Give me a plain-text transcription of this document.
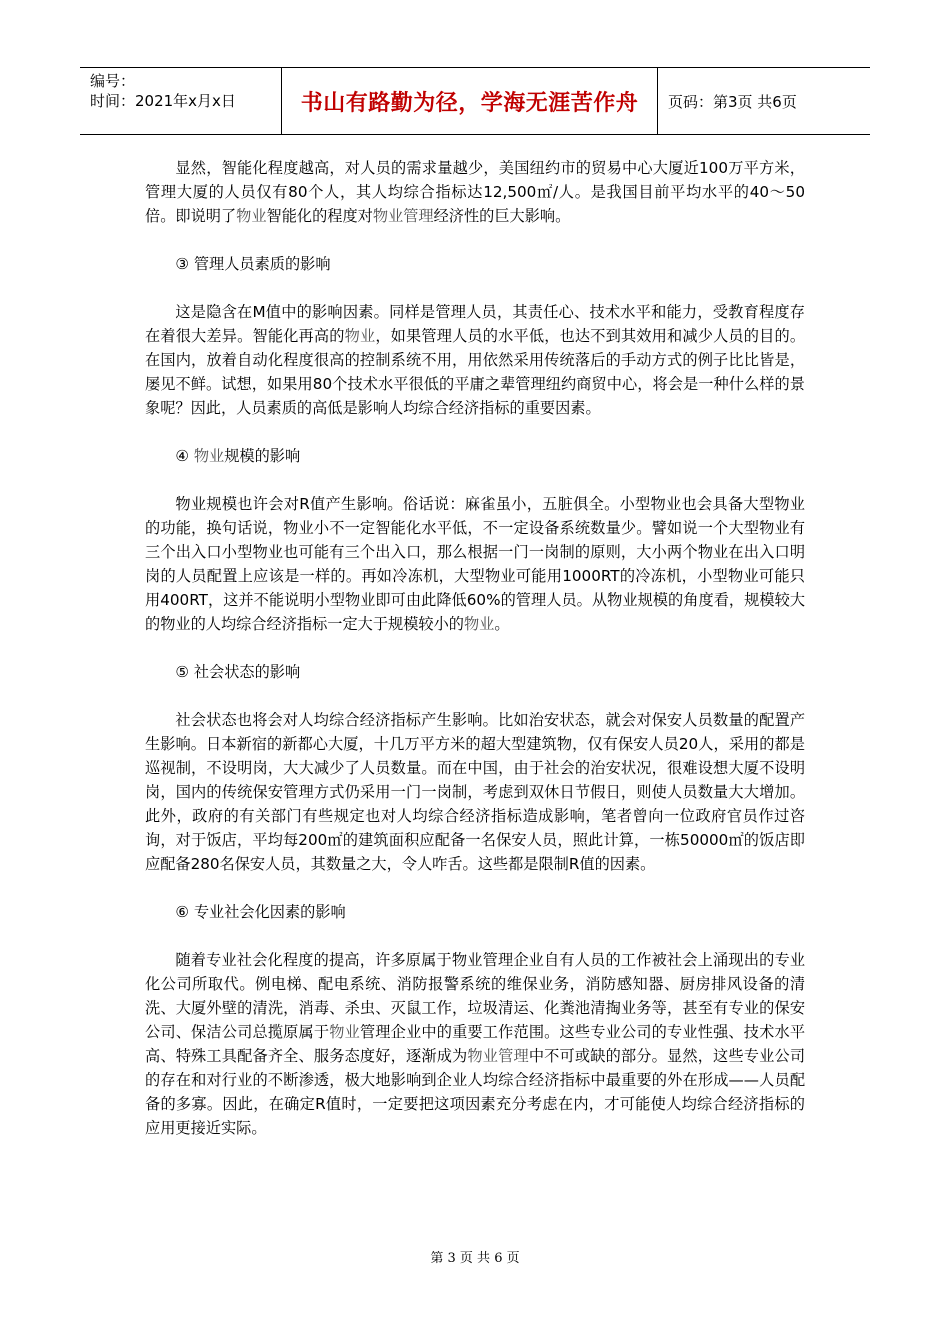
编号：
时间：2021年x月x日	书山有路勤为径，学海无涯苦作舟	页码：第3页 共6页

显然，智能化程度越高，对人员的需求量越少，美国纽约市的贸易中心大厦近100万平方米，管理大厦的人员仅有80个人，其人均综合指标达12,500㎡/人。是我国目前平均水平的40～50倍。即说明了物业智能化的程度对物业管理经济性的巨大影响。

③ 管理人员素质的影响

这是隐含在M值中的影响因素。同样是管理人员，其责任心、技术水平和能力，受教育程度存在着很大差异。智能化再高的物业，如果管理人员的水平低，也达不到其效用和减少人员的目的。在国内，放着自动化程度很高的控制系统不用，用依然采用传统落后的手动方式的例子比比皆是，屡见不鲜。试想，如果用80个技术水平很低的平庸之辈管理纽约商贸中心，将会是一种什么样的景象呢？因此，人员素质的高低是影响人均综合经济指标的重要因素。

④ 物业规模的影响

物业规模也许会对R值产生影响。俗话说：麻雀虽小，五脏俱全。小型物业也会具备大型物业的功能，换句话说，物业小不一定智能化水平低，不一定设备系统数量少。譬如说一个大型物业有三个出入口小型物业也可能有三个出入口，那么根据一门一岗制的原则，大小两个物业在出入口明岗的人员配置上应该是一样的。再如冷冻机，大型物业可能用1000RT的冷冻机，小型物业可能只用400RT，这并不能说明小型物业即可由此降低60%的管理人员。从物业规模的角度看，规模较大的物业的人均综合经济指标一定大于规模较小的物业。

⑤ 社会状态的影响

社会状态也将会对人均综合经济指标产生影响。比如治安状态，就会对保安人员数量的配置产生影响。日本新宿的新都心大厦，十几万平方米的超大型建筑物，仅有保安人员20人，采用的都是巡视制，不设明岗，大大减少了人员数量。而在中国，由于社会的治安状况，很难设想大厦不设明岗，国内的传统保安管理方式仍采用一门一岗制，考虑到双休日节假日，则使人员数量大大增加。此外，政府的有关部门有些规定也对人均综合经济指标造成影响，笔者曾向一位政府官员作过咨询，对于饭店，平均每200㎡的建筑面积应配备一名保安人员，照此计算，一栋50000㎡的饭店即应配备280名保安人员，其数量之大，令人咋舌。这些都是限制R值的因素。

⑥ 专业社会化因素的影响

随着专业社会化程度的提高，许多原属于物业管理企业自有人员的工作被社会上涌现出的专业化公司所取代。例电梯、配电系统、消防报警系统的维保业务，消防感知器、厨房排风设备的清洗、大厦外壁的清洗，消毒、杀虫、灭鼠工作，垃圾清运、化粪池清掏业务等，甚至有专业的保安公司、保洁公司总揽原属于物业管理企业中的重要工作范围。这些专业公司的专业性强、技术水平高、特殊工具配备齐全、服务态度好，逐渐成为物业管理中不可或缺的部分。显然，这些专业公司的存在和对行业的不断渗透，极大地影响到企业人均综合经济指标中最重要的外在形成——人员配备的多寡。因此，在确定R值时，一定要把这项因素充分考虑在内，才可能使人均综合经济指标的应用更接近实际。

第 3 页 共 6 页
